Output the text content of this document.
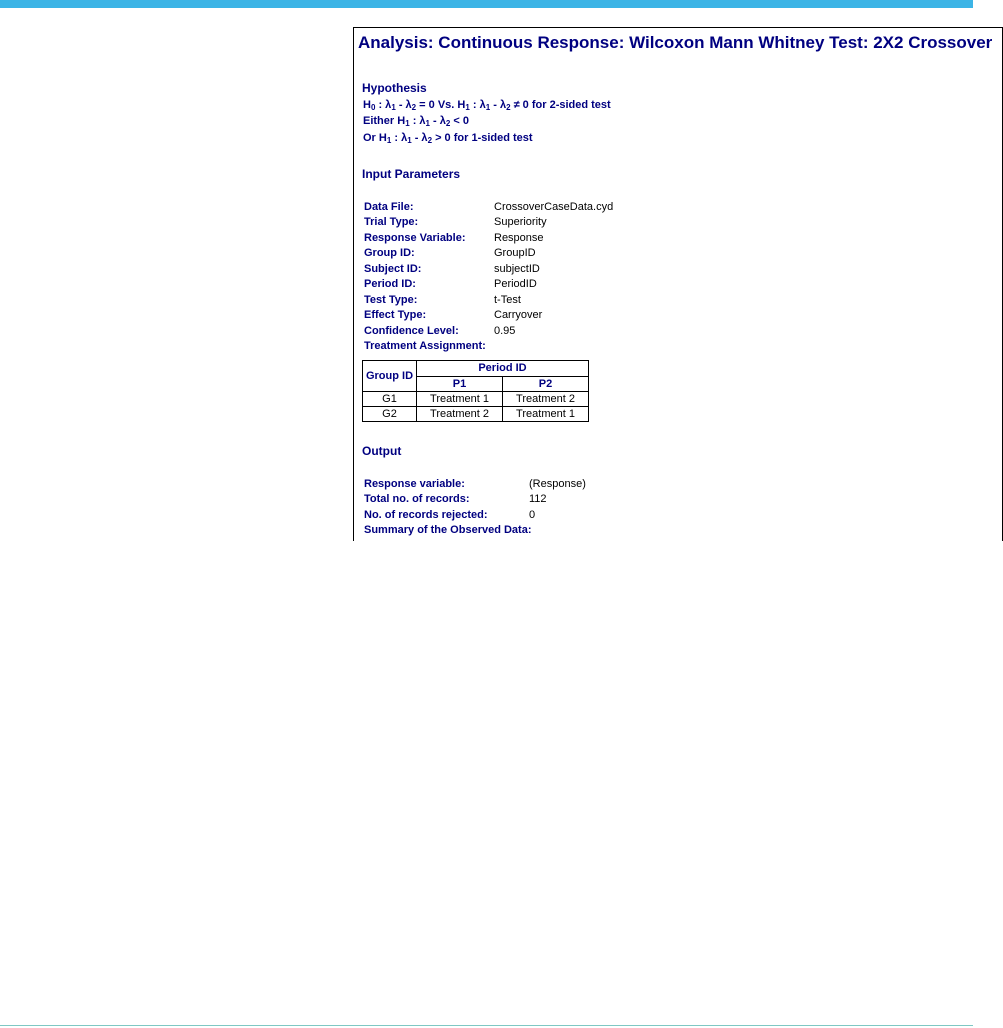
Analysis: Continuous Response: Wilcoxon Mann Whitney Test: 2X2 Crossover
Hypothesis

$H_0$ : $\lambda_1 - \lambda_2 = 0$ Vs. $H_1$ : $\lambda_1 - \lambda_2 \ne 0$ for 2-sided test

Either $H_1$ : $\lambda_1 - \lambda_2 < 0$

Or $H_1$ : $\lambda_1 - \lambda_2 > 0$ for 1-sided test

Input Parameters
Data File:	CrossoverCaseData.cyd
Trial Type:	Superiority
Response Variable:	Response
Group ID:	GroupID
Subject ID:	subjectID
Period ID:	PeriodID
Test Type:	t-Test
Effect Type:	Carryover
Confidence Level:	0.95
Treatment Assignment:
Group ID	Period ID	
	P1	P2
G1	Treatment 1	Treatment 2
G2	Treatment 2	Treatment 1
Output
Response variable:	(Response)
Total no. of records:	112
No. of records rejected:	0
Summary of the Observed Data:
